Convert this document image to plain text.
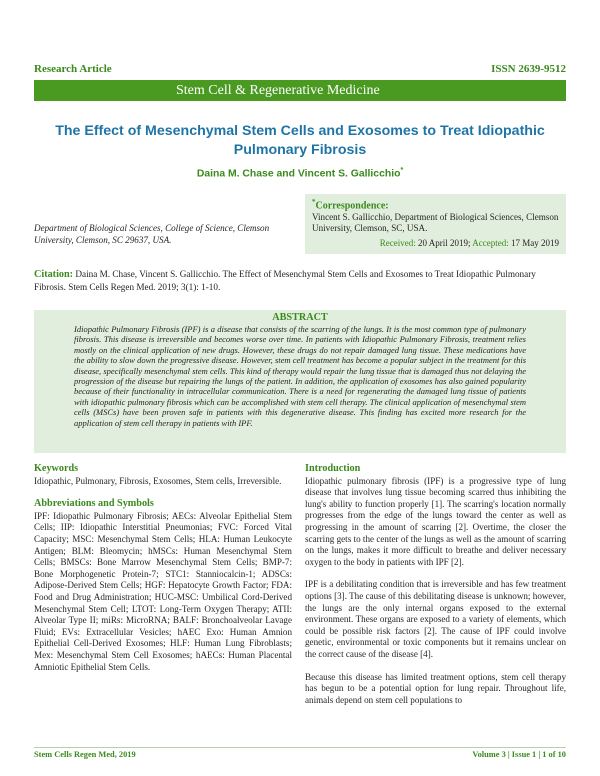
Research Article	ISSN 2639-9512
Stem Cell & Regenerative Medicine
The Effect of Mesenchymal Stem Cells and Exosomes to Treat Idiopathic
Pulmonary Fibrosis
Daina M. Chase and Vincent S. Gallicchio*
Department of Biological Sciences, College of Science, Clemson University, Clemson, SC 29637, USA.
*Correspondence:
Vincent S. Gallicchio, Department of Biological Sciences, Clemson University, Clemson, SC, USA.
Received: 20 April 2019; Accepted: 17 May 2019
Citation: Daina M. Chase, Vincent S. Gallicchio. The Effect of Mesenchymal Stem Cells and Exosomes to Treat Idiopathic Pulmonary Fibrosis. Stem Cells Regen Med. 2019; 3(1): 1-10.
ABSTRACT

Idiopathic Pulmonary Fibrosis (IPF) is a disease that consists of the scarring of the lungs. It is the most common type of pulmonary fibrosis. This disease is irreversible and becomes worse over time. In patients with Idiopathic Pulmonary Fibrosis, treatment relies mostly on the clinical application of new drugs. However, these drugs do not repair damaged lung tissue. These medications have the ability to slow down the progressive disease. However, stem cell treatment has become a popular subject in the treatment for this disease, specifically mesenchymal stem cells. This kind of therapy would repair the lung tissue that is damaged thus not delaying the progression of the disease but repairing the lungs of the patient. In addition, the application of exosomes has also gained popularity because of their functionality in intracellular communication. There is a need for regenerating the damaged lung tissue of patients with idiopathic pulmonary fibrosis which can be accomplished with stem cell therapy. The clinical application of mesenchymal stem cells (MSCs) have been proven safe in patients with this degenerative disease. This finding has excited more research for the application of stem cell therapy in patients with IPF.

Keywords

Idiopathic, Pulmonary, Fibrosis, Exosomes, Stem cells, Irreversible.

Abbreviations and Symbols

IPF: Idiopathic Pulmonary Fibrosis; AECs: Alveolar Epithelial Stem Cells; IIP: Idiopathic Interstitial Pneumonias; FVC: Forced Vital Capacity; MSC: Mesenchymal Stem Cells; HLA: Human Leukocyte Antigen; BLM: Bleomycin; hMSCs: Human Mesenchymal Stem Cells; BMSCs: Bone Marrow Mesenchymal Stem Cells; BMP-7: Bone Morphogenetic Protein-7; STC1: Stanniocalcin-1; ADSCs: Adipose-Derived Stem Cells; HGF: Hepatocyte Growth Factor; FDA: Food and Drug Administration; HUC-MSC: Umbilical Cord-Derived Mesenchymal Stem Cell; LTOT: Long-Term Oxygen Therapy; ATII: Alveolar Type II; miRs: MicroRNA; BALF: Bronchoalveolar Lavage Fluid; EVs: Extracellular Vesicles; hAEC Exo: Human Amnion Epithelial Cell-Derived Exosomes; HLF: Human Lung Fibroblasts; Mex: Mesenchymal Stem Cell Exosomes; hAECs: Human Placental Amniotic Epithelial Stem Cells.

Introduction

Idiopathic pulmonary fibrosis (IPF) is a progressive type of lung disease that involves lung tissue becoming scarred thus inhibiting the lung's ability to function properly [1]. The scarring's location normally progresses from the edge of the lungs toward the center as well as progressing in the amount of scarring [2]. Overtime, the closer the scarring gets to the center of the lungs as well as the amount of scarring on the lungs, makes it more difficult to breathe and deliver necessary oxygen to the body in patients with IPF [2].

IPF is a debilitating condition that is irreversible and has few treatment options [3]. The cause of this debilitating disease is unknown; however, the lungs are the only internal organs exposed to the external environment. These organs are exposed to a variety of elements, which could be possible risk factors [2]. The cause of IPF could involve genetic, environmental or toxic components but it remains unclear on the correct cause of the disease [4].

Because this disease has limited treatment options, stem cell therapy has begun to be a potential option for lung repair. Throughout life, animals depend on stem cell populations to

Stem Cells Regen Med, 2019	Volume 3 | Issue 1 | 1 of 10
